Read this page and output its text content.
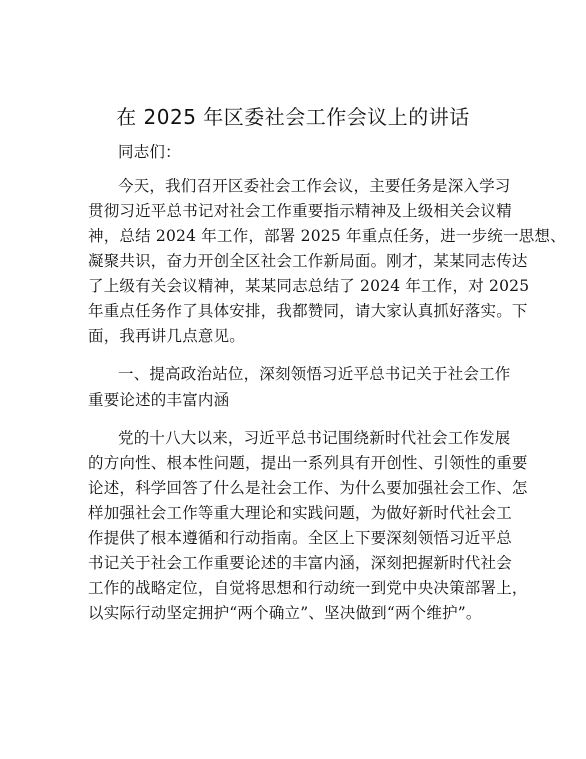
在 2025 年区委社会工作会议上的讲话
同志们：
今天，我们召开区委社会工作会议，主要任务是深入学习
贯彻习近平总书记对社会工作重要指示精神及上级相关会议精
神，总结 2024 年工作，部署 2025 年重点任务，进一步统一思想、
凝聚共识，奋力开创全区社会工作新局面。刚才，某某同志传达
了上级有关会议精神，某某同志总结了 2024 年工作，对 2025
年重点任务作了具体安排，我都赞同，请大家认真抓好落实。下
面，我再讲几点意见。
一、提高政治站位，深刻领悟习近平总书记关于社会工作
重要论述的丰富内涵
党的十八大以来，习近平总书记围绕新时代社会工作发展
的方向性、根本性问题，提出一系列具有开创性、引领性的重要
论述，科学回答了什么是社会工作、为什么要加强社会工作、怎
样加强社会工作等重大理论和实践问题，为做好新时代社会工
作提供了根本遵循和行动指南。全区上下要深刻领悟习近平总
书记关于社会工作重要论述的丰富内涵，深刻把握新时代社会
工作的战略定位，自觉将思想和行动统一到党中央决策部署上，
以实际行动坚定拥护“两个确立”、坚决做到“两个维护”。
